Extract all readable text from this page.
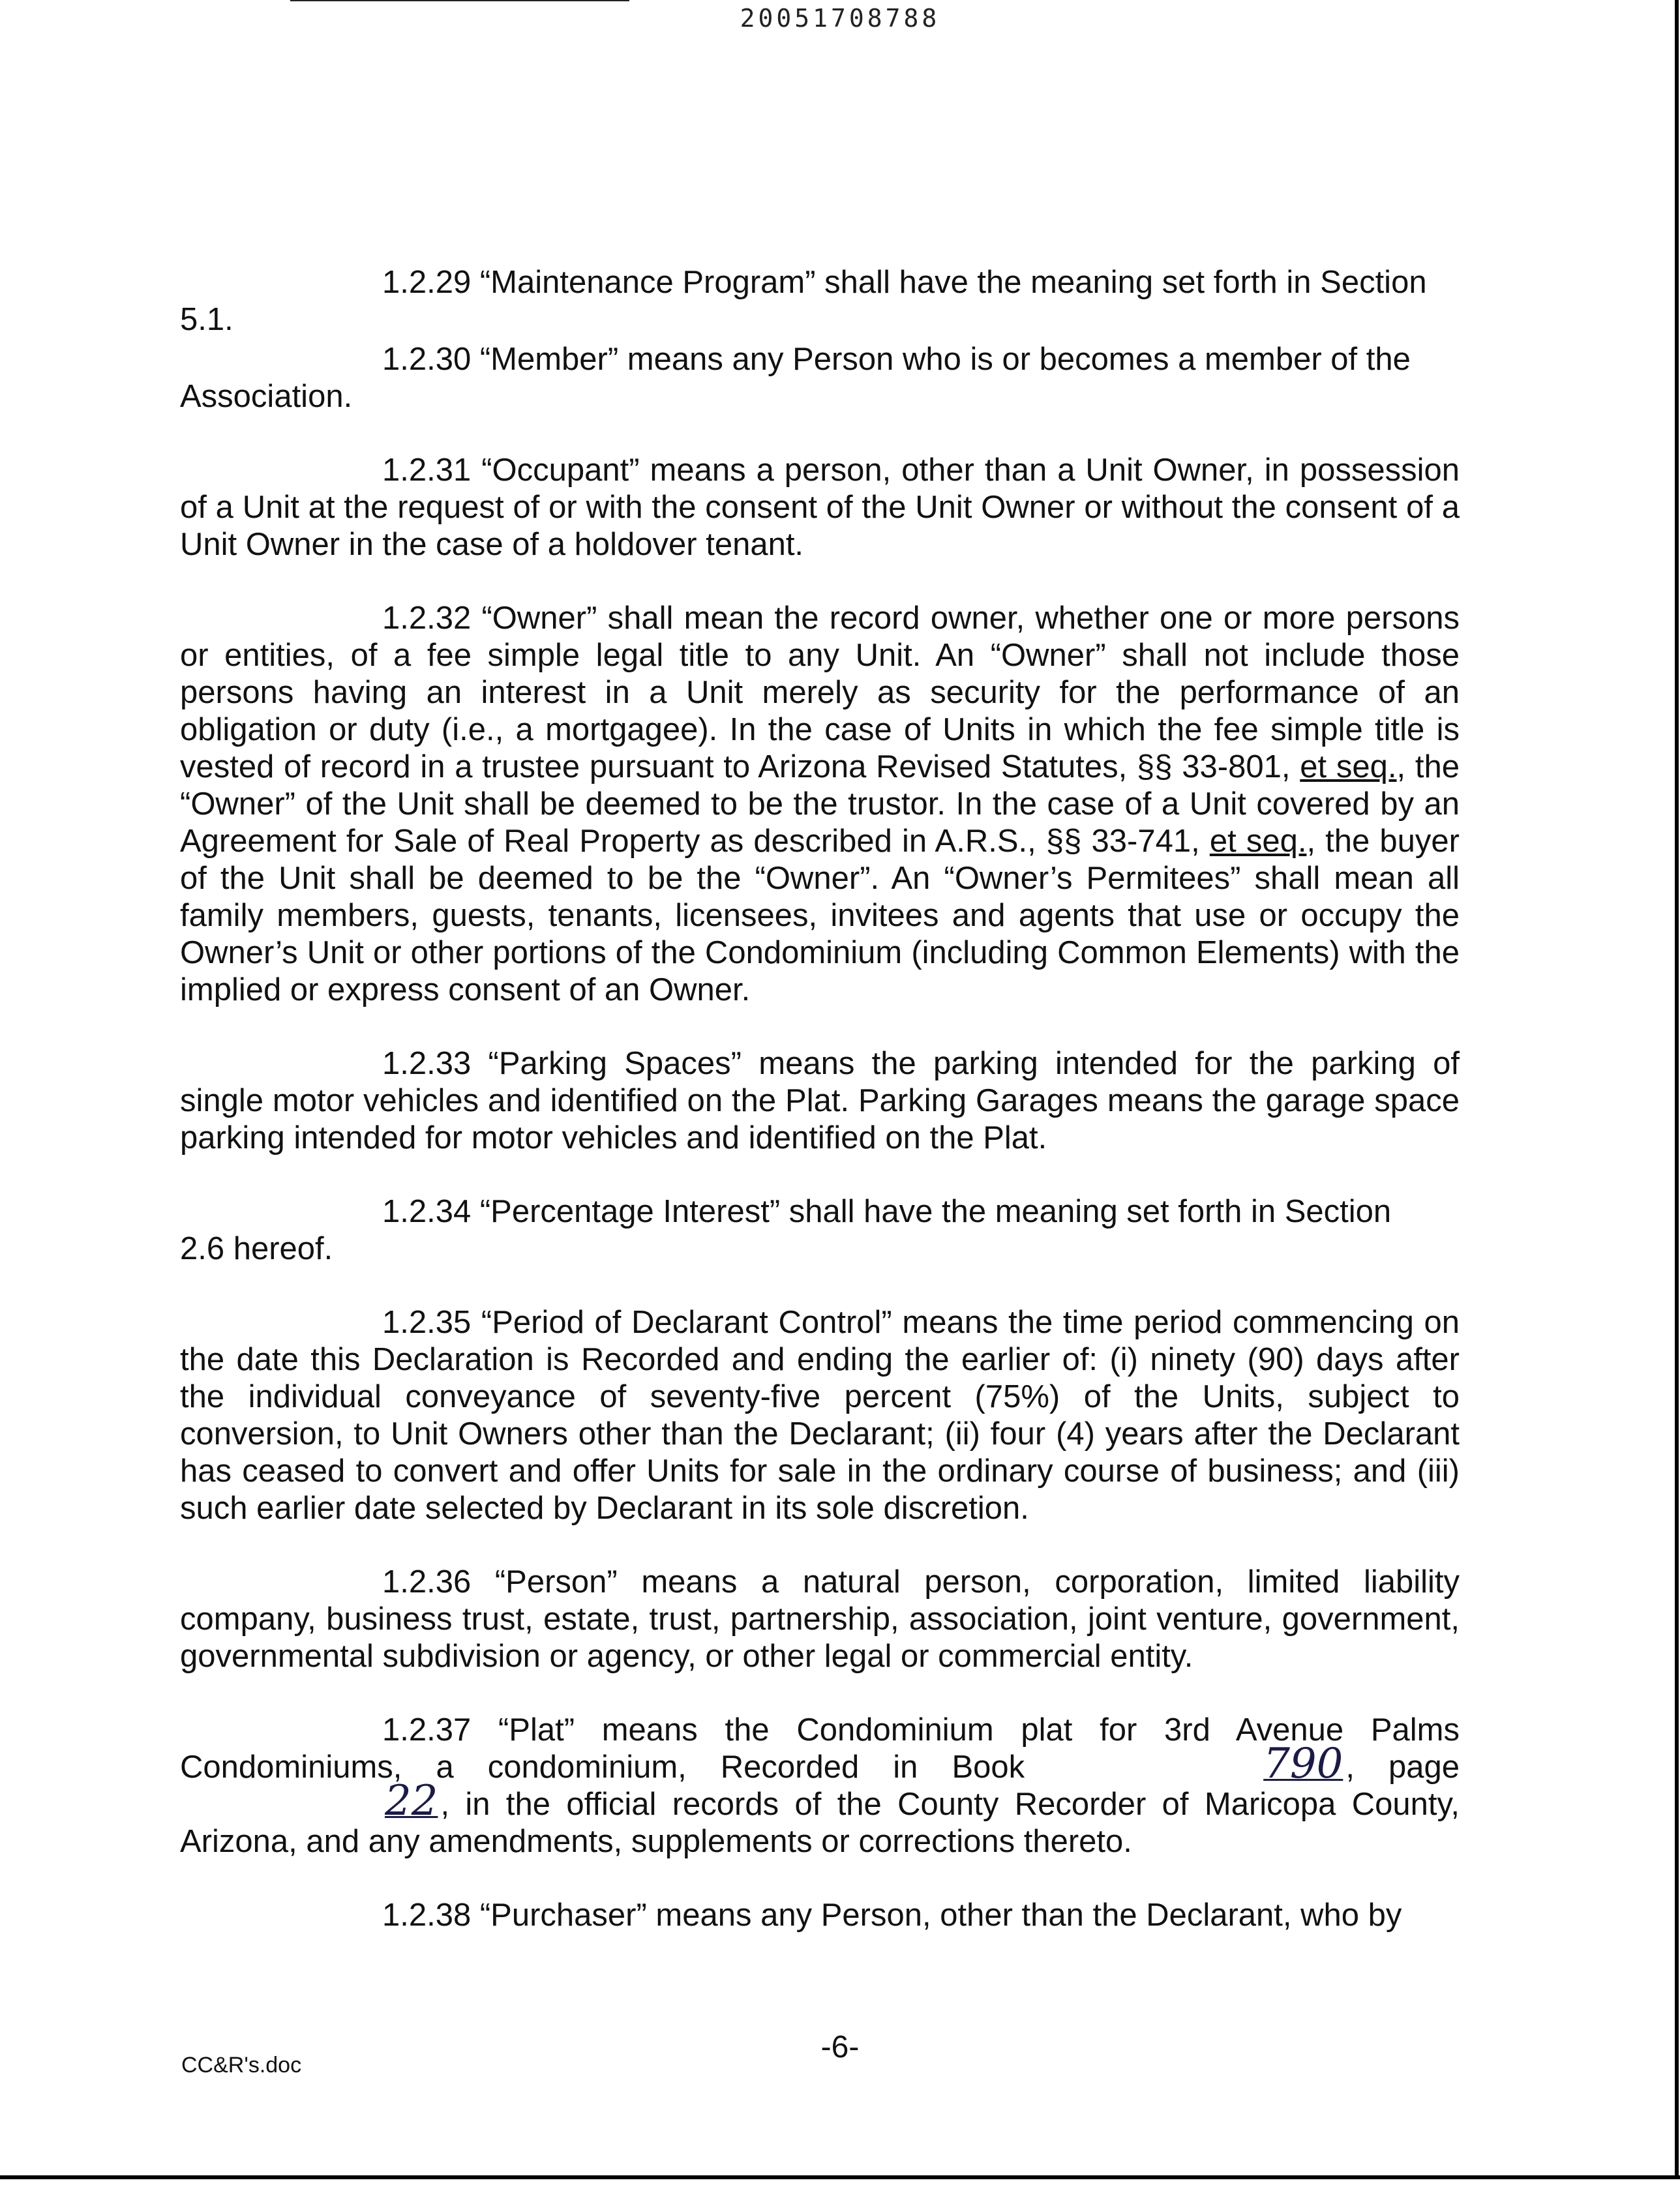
20051708788

1.2.29 “Maintenance Program” shall have the meaning set forth in Section

5.1.

1.2.30 “Member” means any Person who is or becomes a member of the

Association.

1.2.31 “Occupant” means a person, other than a Unit Owner, in possession of a Unit at the request of or with the consent of the Unit Owner or without the consent of a Unit Owner in the case of a holdover tenant.

1.2.32 “Owner” shall mean the record owner, whether one or more persons or entities, of a fee simple legal title to any Unit. An “Owner” shall not include those persons having an interest in a Unit merely as security for the performance of an obligation or duty (i.e., a mortgagee). In the case of Units in which the fee simple title is vested of record in a trustee pursuant to Arizona Revised Statutes, §§ 33-801, et seq., the “Owner” of the Unit shall be deemed to be the trustor. In the case of a Unit covered by an Agreement for Sale of Real Property as described in A.R.S., §§ 33-741, et seq., the buyer of the Unit shall be deemed to be the “Owner”. An “Owner’s Permitees” shall mean all family members, guests, tenants, licensees, invitees and agents that use or occupy the Owner’s Unit or other portions of the Condominium (including Common Elements) with the implied or express consent of an Owner.

1.2.33 “Parking Spaces” means the parking intended for the parking of single motor vehicles and identified on the Plat. Parking Garages means the garage space parking intended for motor vehicles and identified on the Plat.

1.2.34 “Percentage Interest” shall have the meaning set forth in Section

2.6 hereof.

1.2.35 “Period of Declarant Control” means the time period commencing on the date this Declaration is Recorded and ending the earlier of: (i) ninety (90) days after the individual conveyance of seventy-five percent (75%) of the Units, subject to conversion, to Unit Owners other than the Declarant; (ii) four (4) years after the Declarant has ceased to convert and offer Units for sale in the ordinary course of business; and (iii) such earlier date selected by Declarant in its sole discretion.

1.2.36 “Person” means a natural person, corporation, limited liability company, business trust, estate, trust, partnership, association, joint venture, government, governmental subdivision or agency, or other legal or commercial entity.

1.2.37 “Plat” means the Condominium plat for 3rd Avenue Palms Condominiums, a condominium, Recorded in Book	790, page 22, in the official records of the County Recorder of Maricopa County, Arizona, and any amendments, supplements or corrections thereto.

1.2.38 “Purchaser” means any Person, other than the Declarant, who by

-6-
CC&R's.doc
